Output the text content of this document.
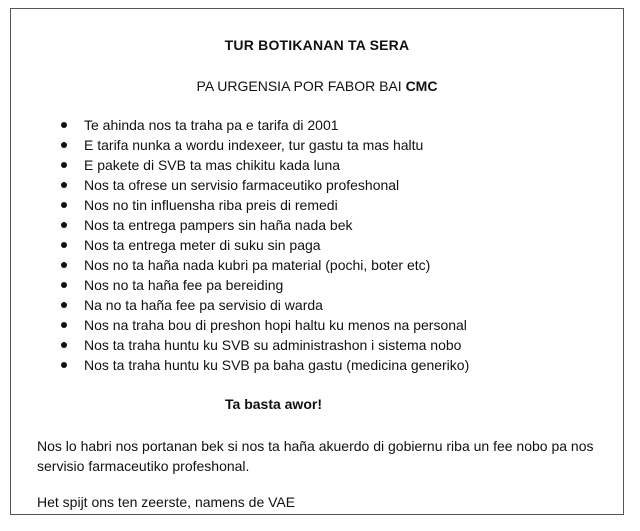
TUR BOTIKANAN TA SERA
PA URGENSIA POR FABOR BAI CMC
Te ahinda nos ta traha pa e tarifa di 2001
E tarifa nunka a wordu indexeer, tur gastu ta mas haltu
E pakete di SVB ta mas chikitu kada luna
Nos ta ofrese un servisio farmaceutiko profeshonal
Nos no tin influensha riba preis di remedi
Nos ta entrega pampers sin haña nada bek
Nos ta entrega meter di suku sin paga
Nos no ta haña nada kubri pa material (pochi, boter etc)
Nos no ta haña fee pa bereiding
Na no ta haña fee pa servisio di warda
Nos na traha bou di preshon hopi haltu ku menos na personal
Nos ta traha huntu ku SVB su administrashon i sistema nobo
Nos ta traha huntu ku SVB pa baha gastu (medicina generiko)
Ta basta awor!
Nos lo habri nos portanan bek si nos ta haña akuerdo di gobiernu riba un fee nobo pa nos servisio farmaceutiko profeshonal.
Het spijt ons ten zeerste, namens de VAE
